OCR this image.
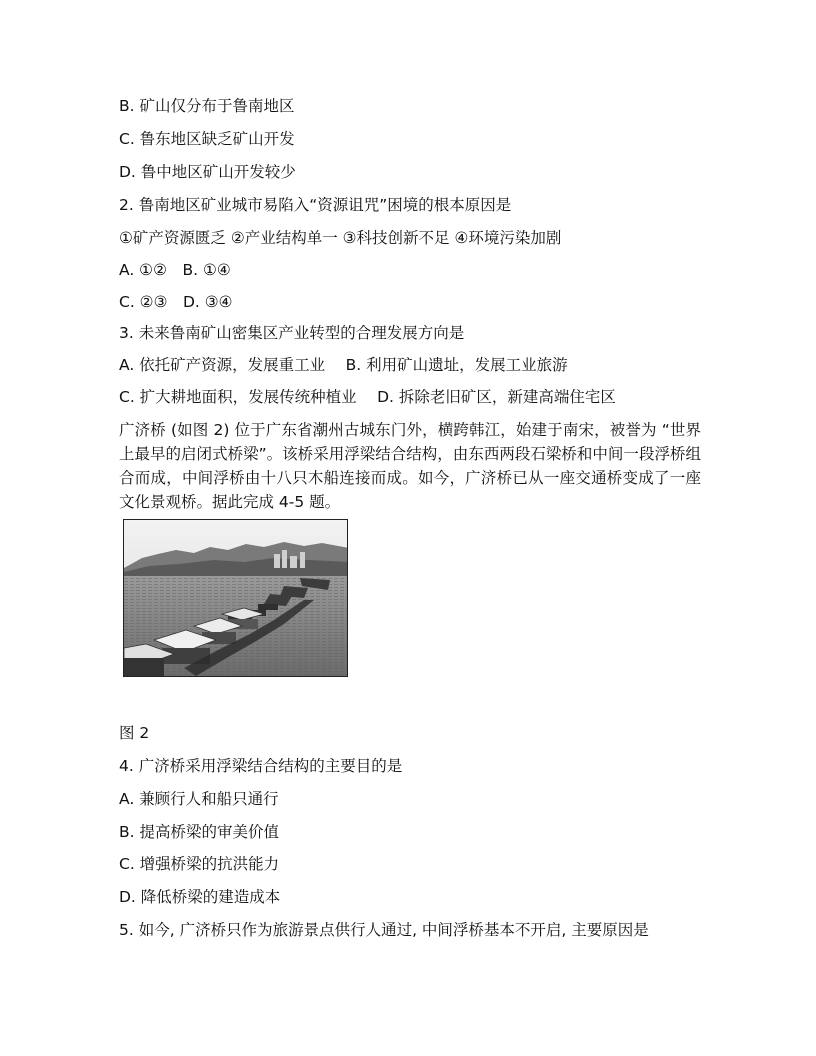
B. 矿山仅分布于鲁南地区
C. 鲁东地区缺乏矿山开发
D. 鲁中地区矿山开发较少
2. 鲁南地区矿业城市易陷入“资源诅咒”困境的根本原因是
①矿产资源匮乏 ②产业结构单一 ③科技创新不足 ④环境污染加剧
A. ①②　B. ①④
C. ②③　D. ③④
3. 未来鲁南矿山密集区产业转型的合理发展方向是
A. 依托矿产资源，发展重工业　 B. 利用矿山遗址，发展工业旅游
C. 扩大耕地面积，发展传统种植业　 D. 拆除老旧矿区，新建高端住宅区
广济桥 (如图 2) 位于广东省潮州古城东门外，横跨韩江，始建于南宋，被誉为 “世界上最早的启闭式桥梁”。该桥采用浮梁结合结构，由东西两段石梁桥和中间一段浮桥组合而成，中间浮桥由十八只木船连接而成。如今，广济桥已从一座交通桥变成了一座文化景观桥。据此完成 4-5 题。
图 2
4. 广济桥采用浮梁结合结构的主要目的是
A. 兼顾行人和船只通行
B. 提高桥梁的审美价值
C. 增强桥梁的抗洪能力
D. 降低桥梁的建造成本
5. 如今, 广济桥只作为旅游景点供行人通过, 中间浮桥基本不开启, 主要原因是
